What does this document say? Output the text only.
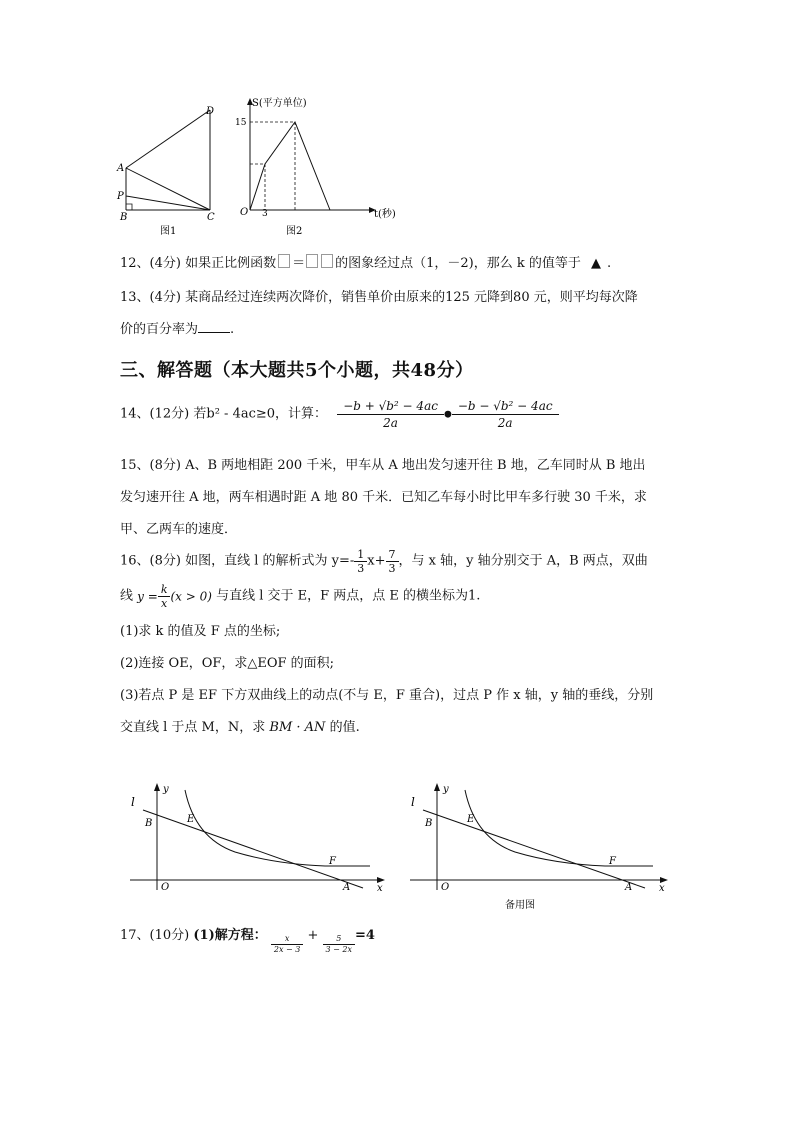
D
A
P
B	C
图1
S(平方单位)
15
O 3	t(秒)
图2
12、(4分) 如果正比例函数 ＝ 的图象经过点（1，－2)，那么 k 的值等于 ▲ .
13、(4分) 某商品经过连续两次降价，销售单价由原来的125 元降到80 元，则平均每次降
价的百分率为 .
三、解答题（本大题共5个小题，共48分）
14、(12分) 若b² - 4ac≥0，计算： $\frac{\text{−b + √b² − 4ac}}{2a}$ ● $\frac{\text{−b − √b² − 4ac}}{2a}$
15、(8分) A、B 两地相距 200 千米，甲车从 A 地出发匀速开往 B 地，乙车同时从 B 地出
发匀速开往 A 地，两车相遇时距 A 地 80 千米．已知乙车每小时比甲车多行驶 30 千米，求
甲、乙两车的速度．
16、(8分) 如图，直线 l 的解析式为 $y=- \frac{1}{3} x+ \frac{7}{3}$ ，与 x 轴，y 轴分别交于 A，B 两点，双曲
线 $y = \frac{k}{x} (x > 0)$ 与直线 l 交于 E，F 两点，点 E 的横坐标为1.
(1)求 k 的值及 F 点的坐标;
(2)连接 OE，OF，求△EOF 的面积;
(3)若点 P 是 EF 下方双曲线上的动点(不与 E，F 重合)，过点 P 作 x 轴，y 轴的垂线，分别
交直线 l 于点 M，N，求 BM · AN 的值.
l
y
B	E
F
O	A	x
l
y
B	E
F
O	A	x
备用图
17、(10分) (1)解方程： $\frac{x}{2x - 3} + \frac{5}{3 - 2x} =4$
